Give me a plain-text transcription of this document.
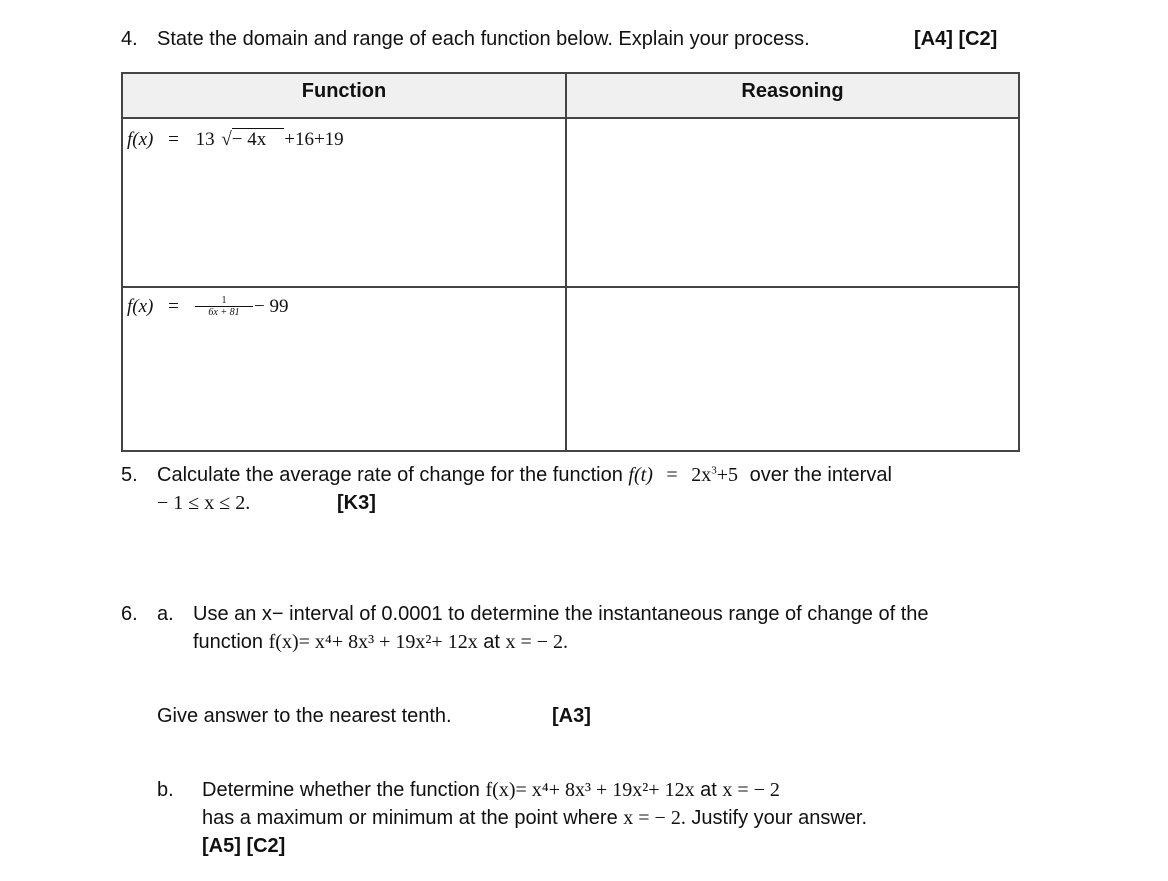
4. State the domain and range of each function below. Explain your process.	[A4] [C2]
Function	Reasoning
f(x) = 13 √− 4x +16+19
$f(x) = \frac{1}{6x + 81} - 99$
5. Calculate the average rate of change for the function $f(t) = 2x^3+5$ over the interval
− 1 ≤ x ≤ 2.	[K3]
6. a. Use an x− interval of 0.0001 to determine the instantaneous range of change of the
function f(x)= x⁴+ 8x³ + 19x²+ 12x at x = − 2.
Give answer to the nearest tenth.	[A3]
b. Determine whether the function f(x)= x⁴+ 8x³ + 19x²+ 12x at x = − 2
has a maximum or minimum at the point where x = − 2. Justify your answer.
[A5] [C2]
